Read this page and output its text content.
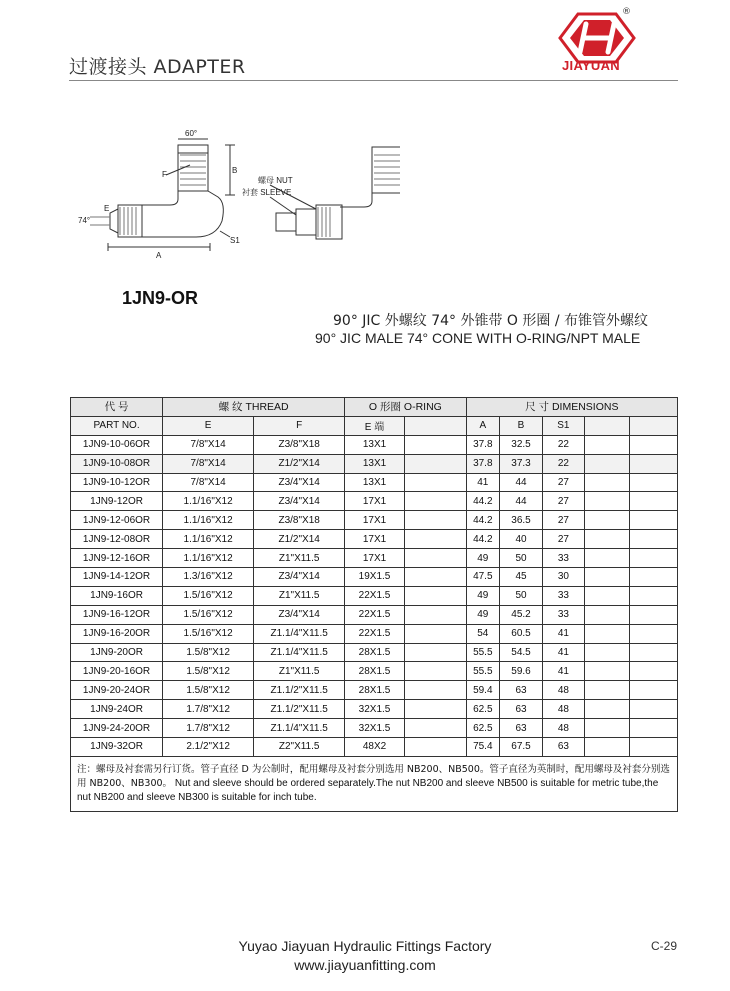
过渡接头 ADAPTER
®
JIAYUAN
60°
74°
F
E
B
A
S1
螺母 NUT
衬套 SLEEVE
1JN9-OR
90° JIC 外螺纹 74° 外锥带 O 形圈 / 布锥管外螺纹
90° JIC MALE 74° CONE WITH O-RING/NPT MALE
代 号	螺 纹 THREAD		O 形圈 O-RING		尺 寸 DIMENSIONS				
PART NO.	E	F	E 端		A	B	S1		
1JN9-10-06OR	7/8"X14	Z3/8"X18	13X1		37.8	32.5	22		
1JN9-10-08OR	7/8"X14	Z1/2"X14	13X1		37.8	37.3	22		
1JN9-10-12OR	7/8"X14	Z3/4"X14	13X1		41	44	27		
1JN9-12OR	1.1/16"X12	Z3/4"X14	17X1		44.2	44	27		
1JN9-12-06OR	1.1/16"X12	Z3/8"X18	17X1		44.2	36.5	27		
1JN9-12-08OR	1.1/16"X12	Z1/2"X14	17X1		44.2	40	27		
1JN9-12-16OR	1.1/16"X12	Z1"X11.5	17X1		49	50	33		
1JN9-14-12OR	1.3/16"X12	Z3/4"X14	19X1.5		47.5	45	30		
1JN9-16OR	1.5/16"X12	Z1"X11.5	22X1.5		49	50	33		
1JN9-16-12OR	1.5/16"X12	Z3/4"X14	22X1.5		49	45.2	33		
1JN9-16-20OR	1.5/16"X12	Z1.1/4"X11.5	22X1.5		54	60.5	41		
1JN9-20OR	1.5/8"X12	Z1.1/4"X11.5	28X1.5		55.5	54.5	41		
1JN9-20-16OR	1.5/8"X12	Z1"X11.5	28X1.5		55.5	59.6	41		
1JN9-20-24OR	1.5/8"X12	Z1.1/2"X11.5	28X1.5		59.4	63	48		
1JN9-24OR	1.7/8"X12	Z1.1/2"X11.5	32X1.5		62.5	63	48		
1JN9-24-20OR	1.7/8"X12	Z1.1/4"X11.5	32X1.5		62.5	63	48		
1JN9-32OR	2.1/2"X12	Z2"X11.5	48X2		75.4	67.5	63		
注：螺母及衬套需另行订货。管子直径 D 为公制时，配用螺母及衬套分别选用 NB200、NB500。管子直径为英制时，配用螺母及衬套分别选用 NB200、NB300。 Nut and sleeve should be ordered separately.The nut NB200 and sleeve NB500 is suitable for metric tube,the nut NB200 and sleeve NB300 is suitable for inch tube.									
Yuyao Jiayuan Hydraulic Fittings Factory
www.jiayuanfitting.com
C-29
